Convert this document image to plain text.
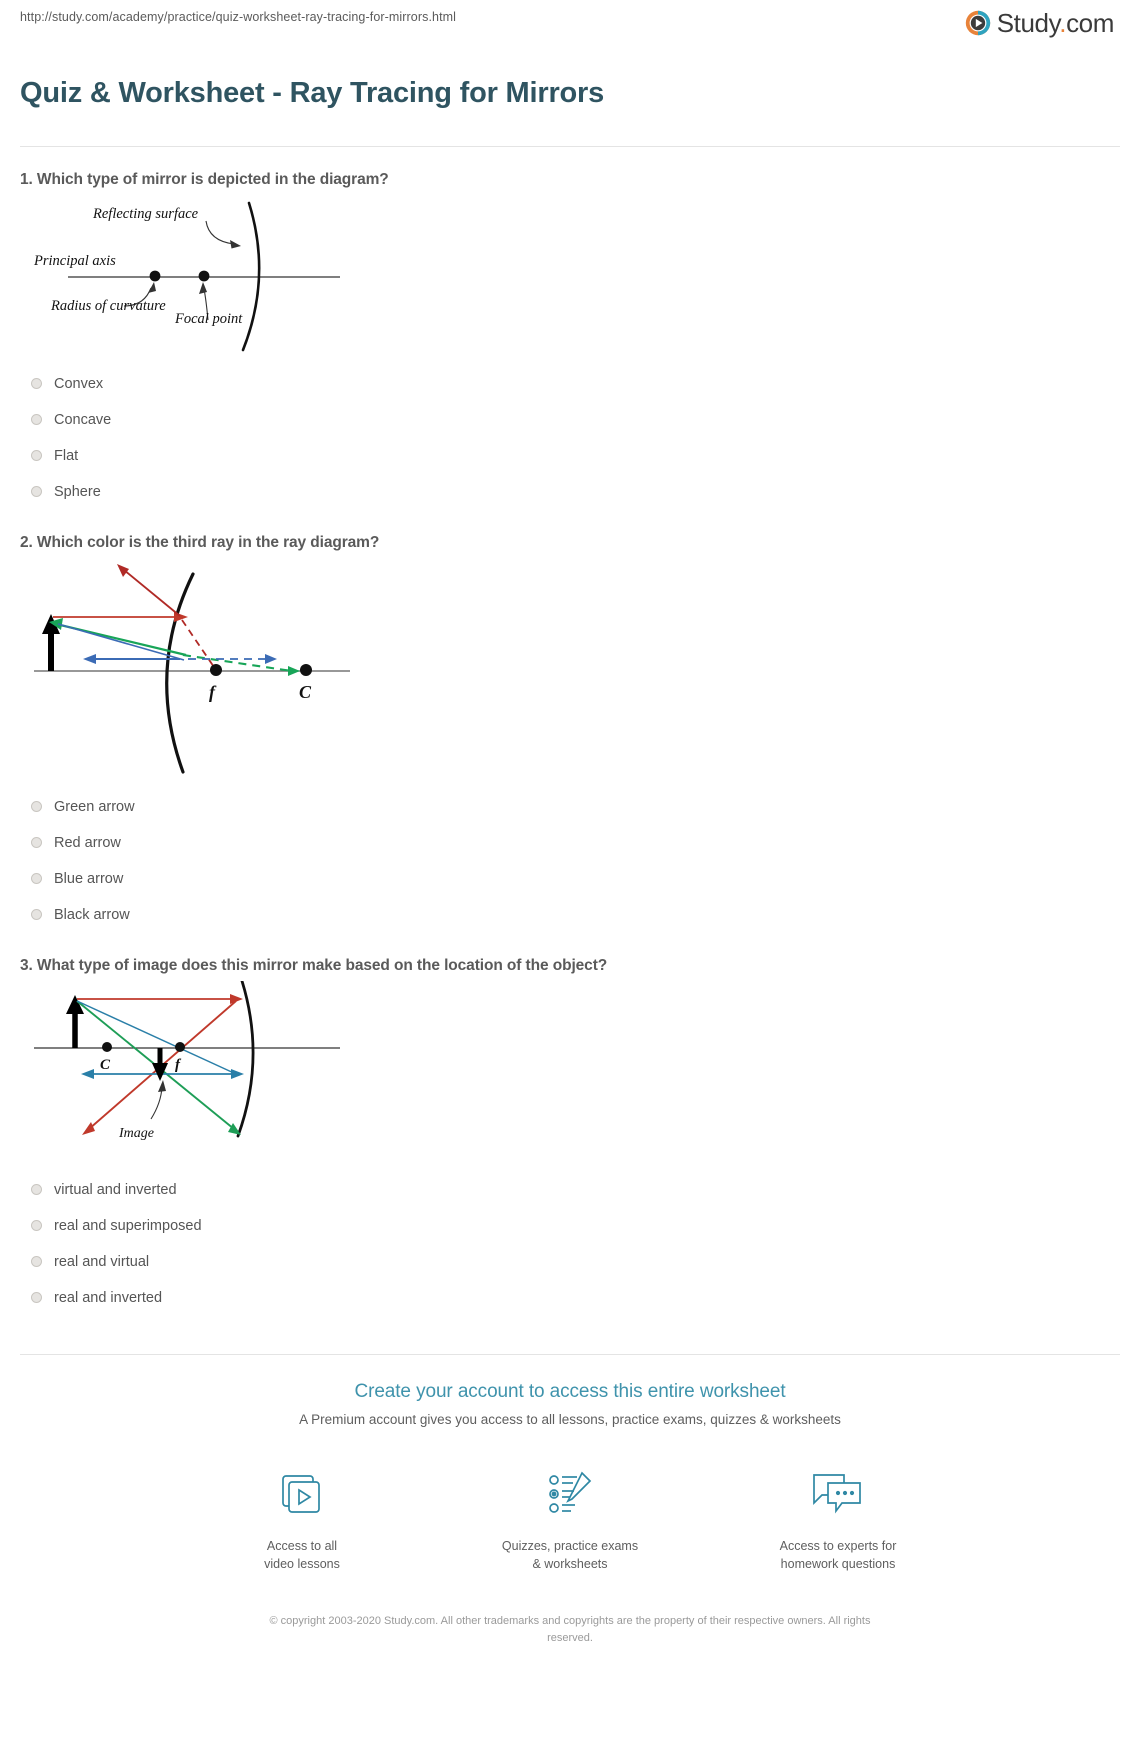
http://study.com/academy/practice/quiz-worksheet-ray-tracing-for-mirrors.html	Study.com
Quiz & Worksheet - Ray Tracing for Mirrors
1. Which type of mirror is depicted in the diagram?
Reflecting surface
Principal axis
Radius of curvature
Focal point
Convex
Concave
Flat
Sphere
2. Which color is the third ray in the ray diagram?
f	C
Green arrow
Red arrow
Blue arrow
Black arrow
3. What type of image does this mirror make based on the location of the object?
C	f
Image
virtual and inverted
real and superimposed
real and virtual
real and inverted
Create your account to access this entire worksheet
A Premium account gives you access to all lessons, practice exams, quizzes & worksheets
Access to all
video lessons
Quizzes, practice exams
& worksheets
Access to experts for
homework questions
© copyright 2003-2020 Study.com. All other trademarks and copyrights are the property of their respective owners. All rights reserved.
